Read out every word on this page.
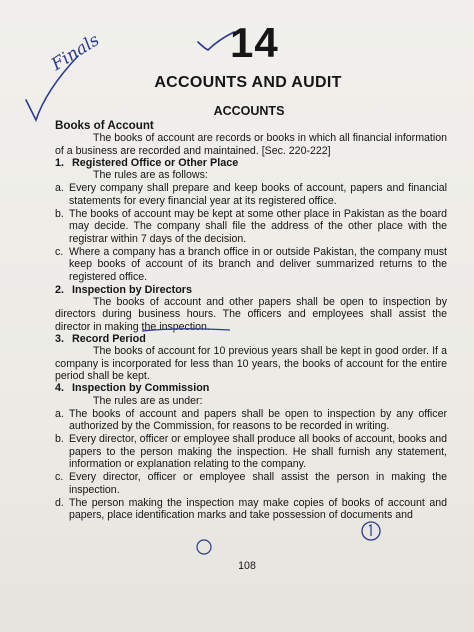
Finals	14
ACCOUNTS AND AUDIT
ACCOUNTS

Books of Account

The books of account are records or books in which all financial information of a business are recorded and maintained. [Sec. 220-222]

1. Registered Office or Other Place

The rules are as follows:

a. Every company shall prepare and keep books of account, papers and financial statements for every financial year at its registered office.
b. The books of account may be kept at some other place in Pakistan as the board may decide. The company shall file the address of the other place with the registrar within 7 days of the decision.
c. Where a company has a branch office in or outside Pakistan, the company must keep books of account of its branch and deliver summarized returns to the registered office.

2. Inspection by Directors

The books of account and other papers shall be open to inspection by directors during business hours. The officers and employees shall assist the director in making the inspection.

3. Record Period

The books of account for 10 previous years shall be kept in good order. If a company is incorporated for less than 10 years, the books of account for the entire period shall be kept.

4. Inspection by Commission

The rules are as under:

a. The books of account and papers shall be open to inspection by any officer authorized by the Commission, for reasons to be recorded in writing.
b. Every director, officer or employee shall produce all books of account, books and papers to the person making the inspection. He shall furnish any statement, information or explanation relating to the company.
c. Every director, officer or employee shall assist the person in making the inspection.
d. The person making the inspection may make copies of books of account and papers, place identification marks and take possession of documents and
108
